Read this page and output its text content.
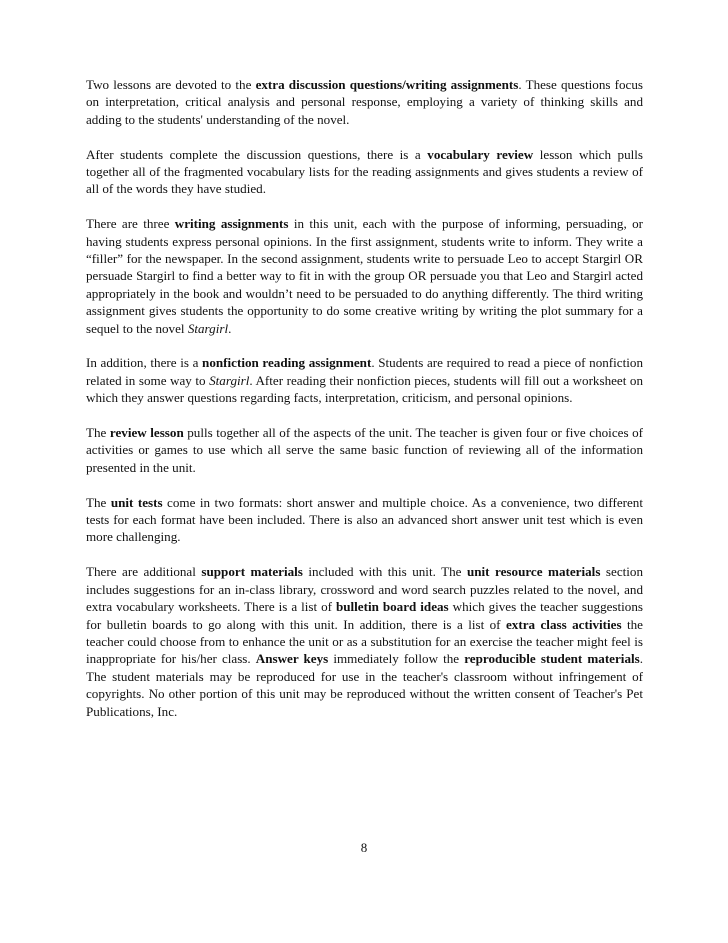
Two lessons are devoted to the extra discussion questions/writing assignments. These questions focus on interpretation, critical analysis and personal response, employing a variety of thinking skills and adding to the students' understanding of the novel.

After students complete the discussion questions, there is a vocabulary review lesson which pulls together all of the fragmented vocabulary lists for the reading assignments and gives students a review of all of the words they have studied.

There are three writing assignments in this unit, each with the purpose of informing, persuading, or having students express personal opinions. In the first assignment, students write to inform. They write a “filler” for the newspaper. In the second assignment, students write to persuade Leo to accept Stargirl OR persuade Stargirl to find a better way to fit in with the group OR persuade you that Leo and Stargirl acted appropriately in the book and wouldn’t need to be persuaded to do anything differently. The third writing assignment gives students the opportunity to do some creative writing by writing the plot summary for a sequel to the novel Stargirl.

In addition, there is a nonfiction reading assignment. Students are required to read a piece of nonfiction related in some way to Stargirl. After reading their nonfiction pieces, students will fill out a worksheet on which they answer questions regarding facts, interpretation, criticism, and personal opinions.

The review lesson pulls together all of the aspects of the unit. The teacher is given four or five choices of activities or games to use which all serve the same basic function of reviewing all of the information presented in the unit.

The unit tests come in two formats: short answer and multiple choice. As a convenience, two different tests for each format have been included. There is also an advanced short answer unit test which is even more challenging.

There are additional support materials included with this unit. The unit resource materials section includes suggestions for an in-class library, crossword and word search puzzles related to the novel, and extra vocabulary worksheets. There is a list of bulletin board ideas which gives the teacher suggestions for bulletin boards to go along with this unit. In addition, there is a list of extra class activities the teacher could choose from to enhance the unit or as a substitution for an exercise the teacher might feel is inappropriate for his/her class. Answer keys immediately follow the reproducible student materials. The student materials may be reproduced for use in the teacher's classroom without infringement of copyrights. No other portion of this unit may be reproduced without the written consent of Teacher's Pet Publications, Inc.

8
